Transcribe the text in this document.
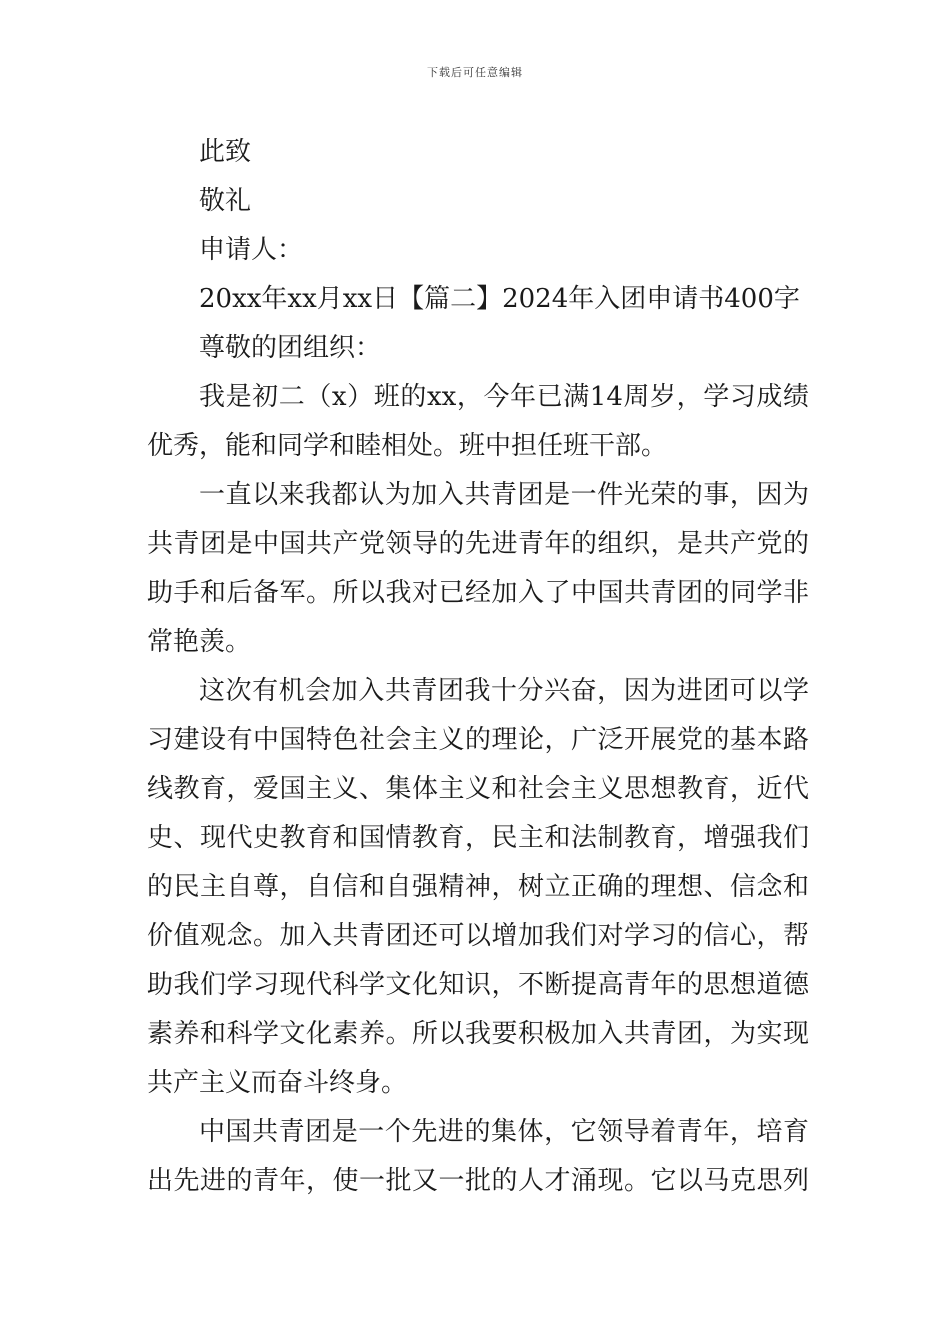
下载后可任意编辑
此致
敬礼
申请人：
20xx年xx月xx日【篇二】2024年入团申请书400字
尊敬的团组织：
我是初二（x）班的xx，今年已满14周岁，学习成绩
优秀，能和同学和睦相处。班中担任班干部。
一直以来我都认为加入共青团是一件光荣的事，因为
共青团是中国共产党领导的先进青年的组织，是共产党的
助手和后备军。所以我对已经加入了中国共青团的同学非
常艳羡。
这次有机会加入共青团我十分兴奋，因为进团可以学
习建设有中国特色社会主义的理论，广泛开展党的基本路
线教育，爱国主义、集体主义和社会主义思想教育，近代
史、现代史教育和国情教育，民主和法制教育，增强我们
的民主自尊，自信和自强精神，树立正确的理想、信念和
价值观念。加入共青团还可以增加我们对学习的信心，帮
助我们学习现代科学文化知识，不断提高青年的思想道德
素养和科学文化素养。所以我要积极加入共青团，为实现
共产主义而奋斗终身。
中国共青团是一个先进的集体，它领导着青年，培育
出先进的青年，使一批又一批的人才涌现。它以马克思列
